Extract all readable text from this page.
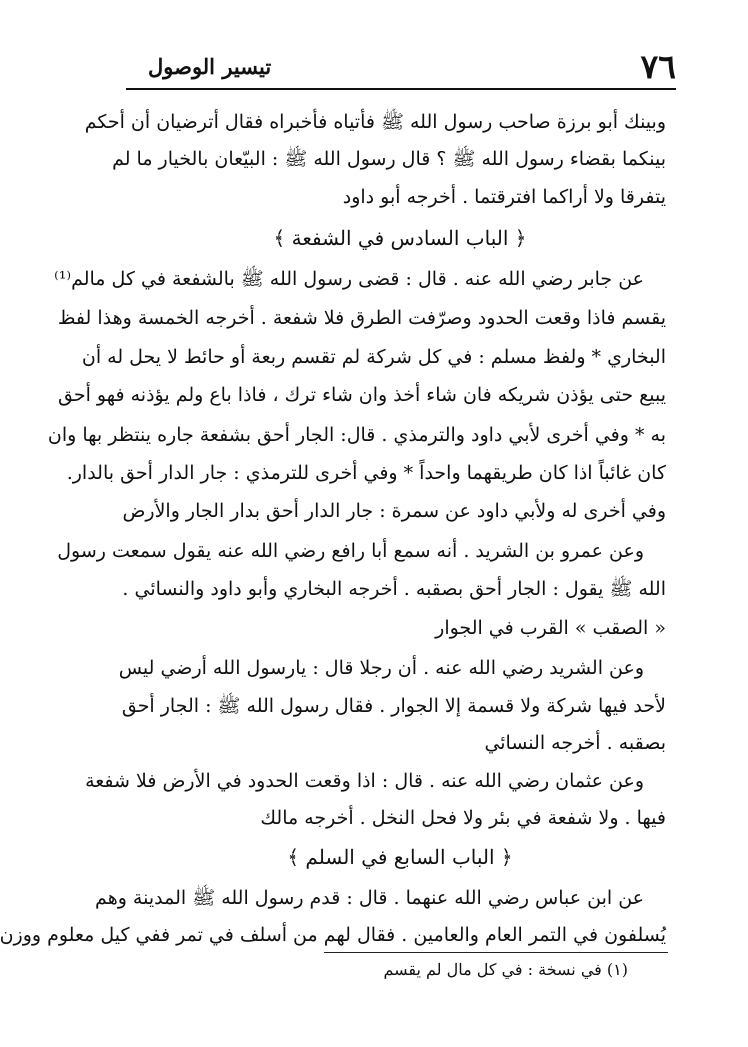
٧٦
تيسير الوصول
وبينك أبو برزة صاحب رسول الله ﷺ فأتياه فأخبراه فقال أترضيان أن أحكم
بينكما بقضاء رسول الله ﷺ ؟ قال رسول الله ﷺ : البيّعان بالخيار ما لم
يتفرقا ولا أراكما افترقتما . أخرجه أبو داود
﴿ الباب السادس في الشفعة ﴾
عن جابر رضي الله عنه . قال : قضى رسول الله ﷺ بالشفعة في كل مالم⁽¹⁾
يقسم فاذا وقعت الحدود وصرّفت الطرق فلا شفعة . أخرجه الخمسة وهذا لفظ
البخاري * ولفظ مسلم : في كل شركة لم تقسم ربعة أو حائط لا يحل له أن
يبيع حتى يؤذن شريكه فان شاء أخذ وان شاء ترك ، فاذا باع ولم يؤذنه فهو أحق
به * وفي أخرى لأبي داود والترمذي . قال: الجار أحق بشفعة جاره ينتظر بها وان
كان غائباً اذا كان طريقهما واحداً * وفي أخرى للترمذي : جار الدار أحق بالدار.
وفي أخرى له ولأبي داود عن سمرة : جار الدار أحق بدار الجار والأرض
وعن عمرو بن الشريد . أنه سمع أبا رافع رضي الله عنه يقول سمعت رسول
الله ﷺ يقول : الجار أحق بصقبه . أخرجه البخاري وأبو داود والنسائي .
« الصقب » القرب في الجوار
وعن الشريد رضي الله عنه . أن رجلا قال : يارسول الله أرضي ليس
لأحد فيها شركة ولا قسمة إلا الجوار . فقال رسول الله ﷺ : الجار أحق
بصقبه . أخرجه النسائي
وعن عثمان رضي الله عنه . قال : اذا وقعت الحدود في الأرض فلا شفعة
فيها . ولا شفعة في بئر ولا فحل النخل . أخرجه مالك
﴿ الباب السابع في السلم ﴾
عن ابن عباس رضي الله عنهما . قال : قدم رسول الله ﷺ المدينة وهم
يُسلفون في التمر العام والعامين . فقال لهم من أسلف في تمر ففي كيل معلوم ووزن
(١) في نسخة : في كل مال لم يقسم
